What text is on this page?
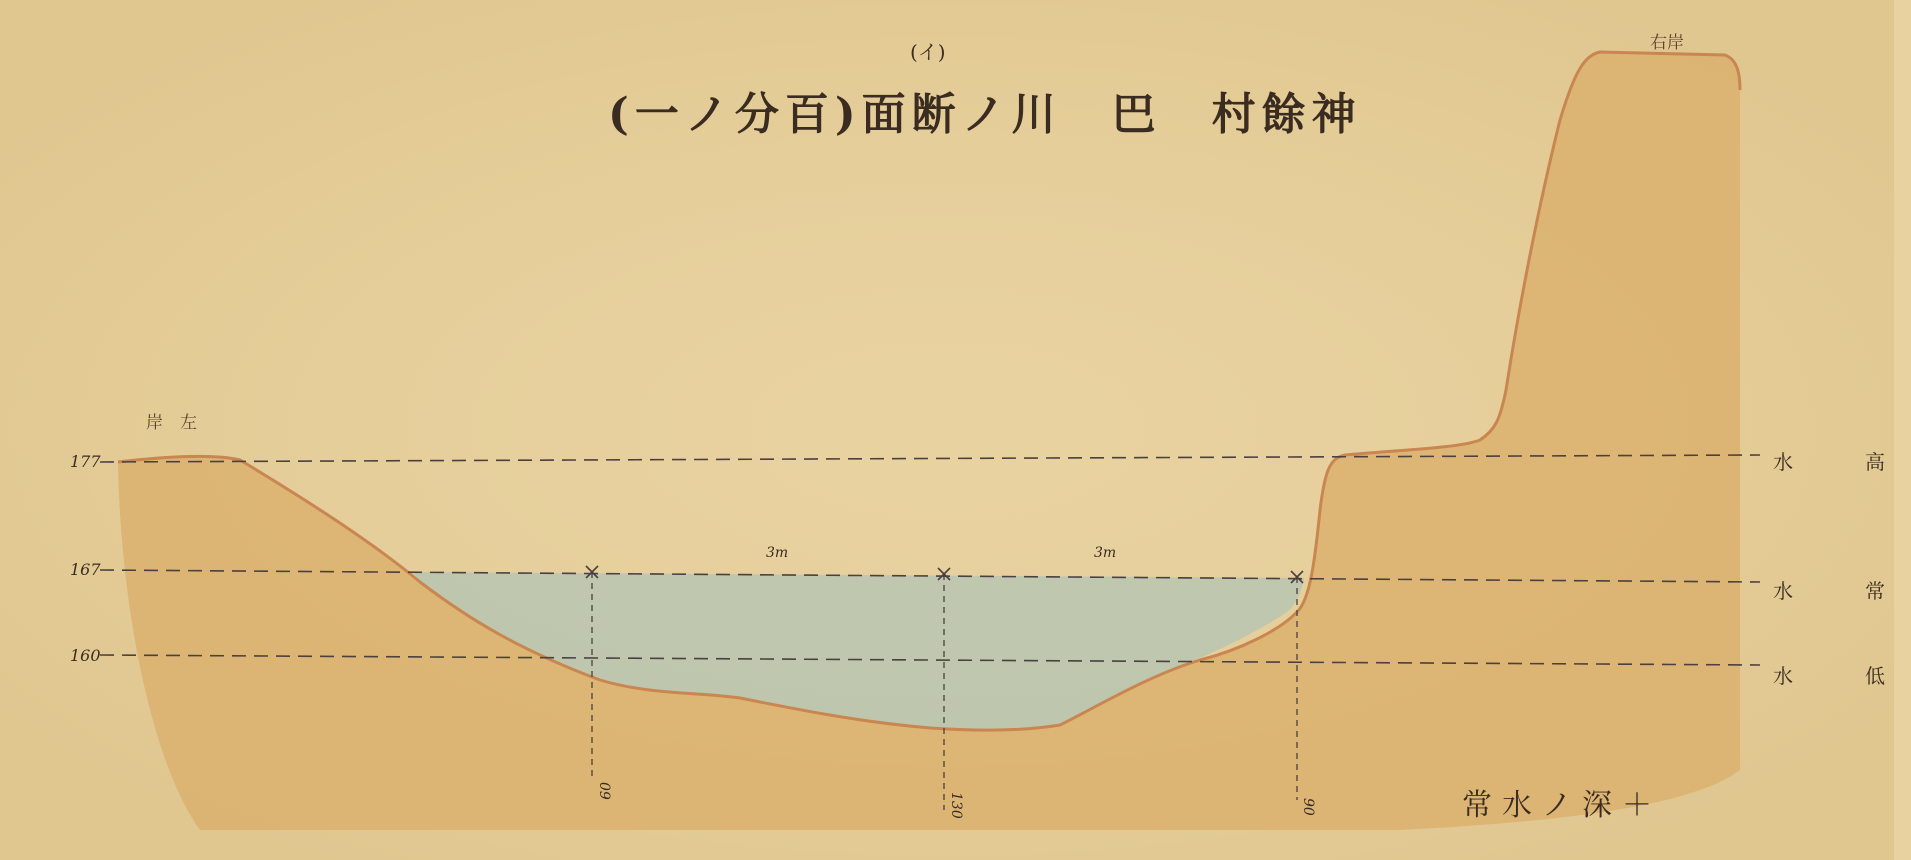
(イ)
(一ノ分百)面断ノ川　巴　村餘神
岸　左
右岸
177
167
160
水　高
水　常
水　低
3m	3m
09
130	90	常水ノ深＋
